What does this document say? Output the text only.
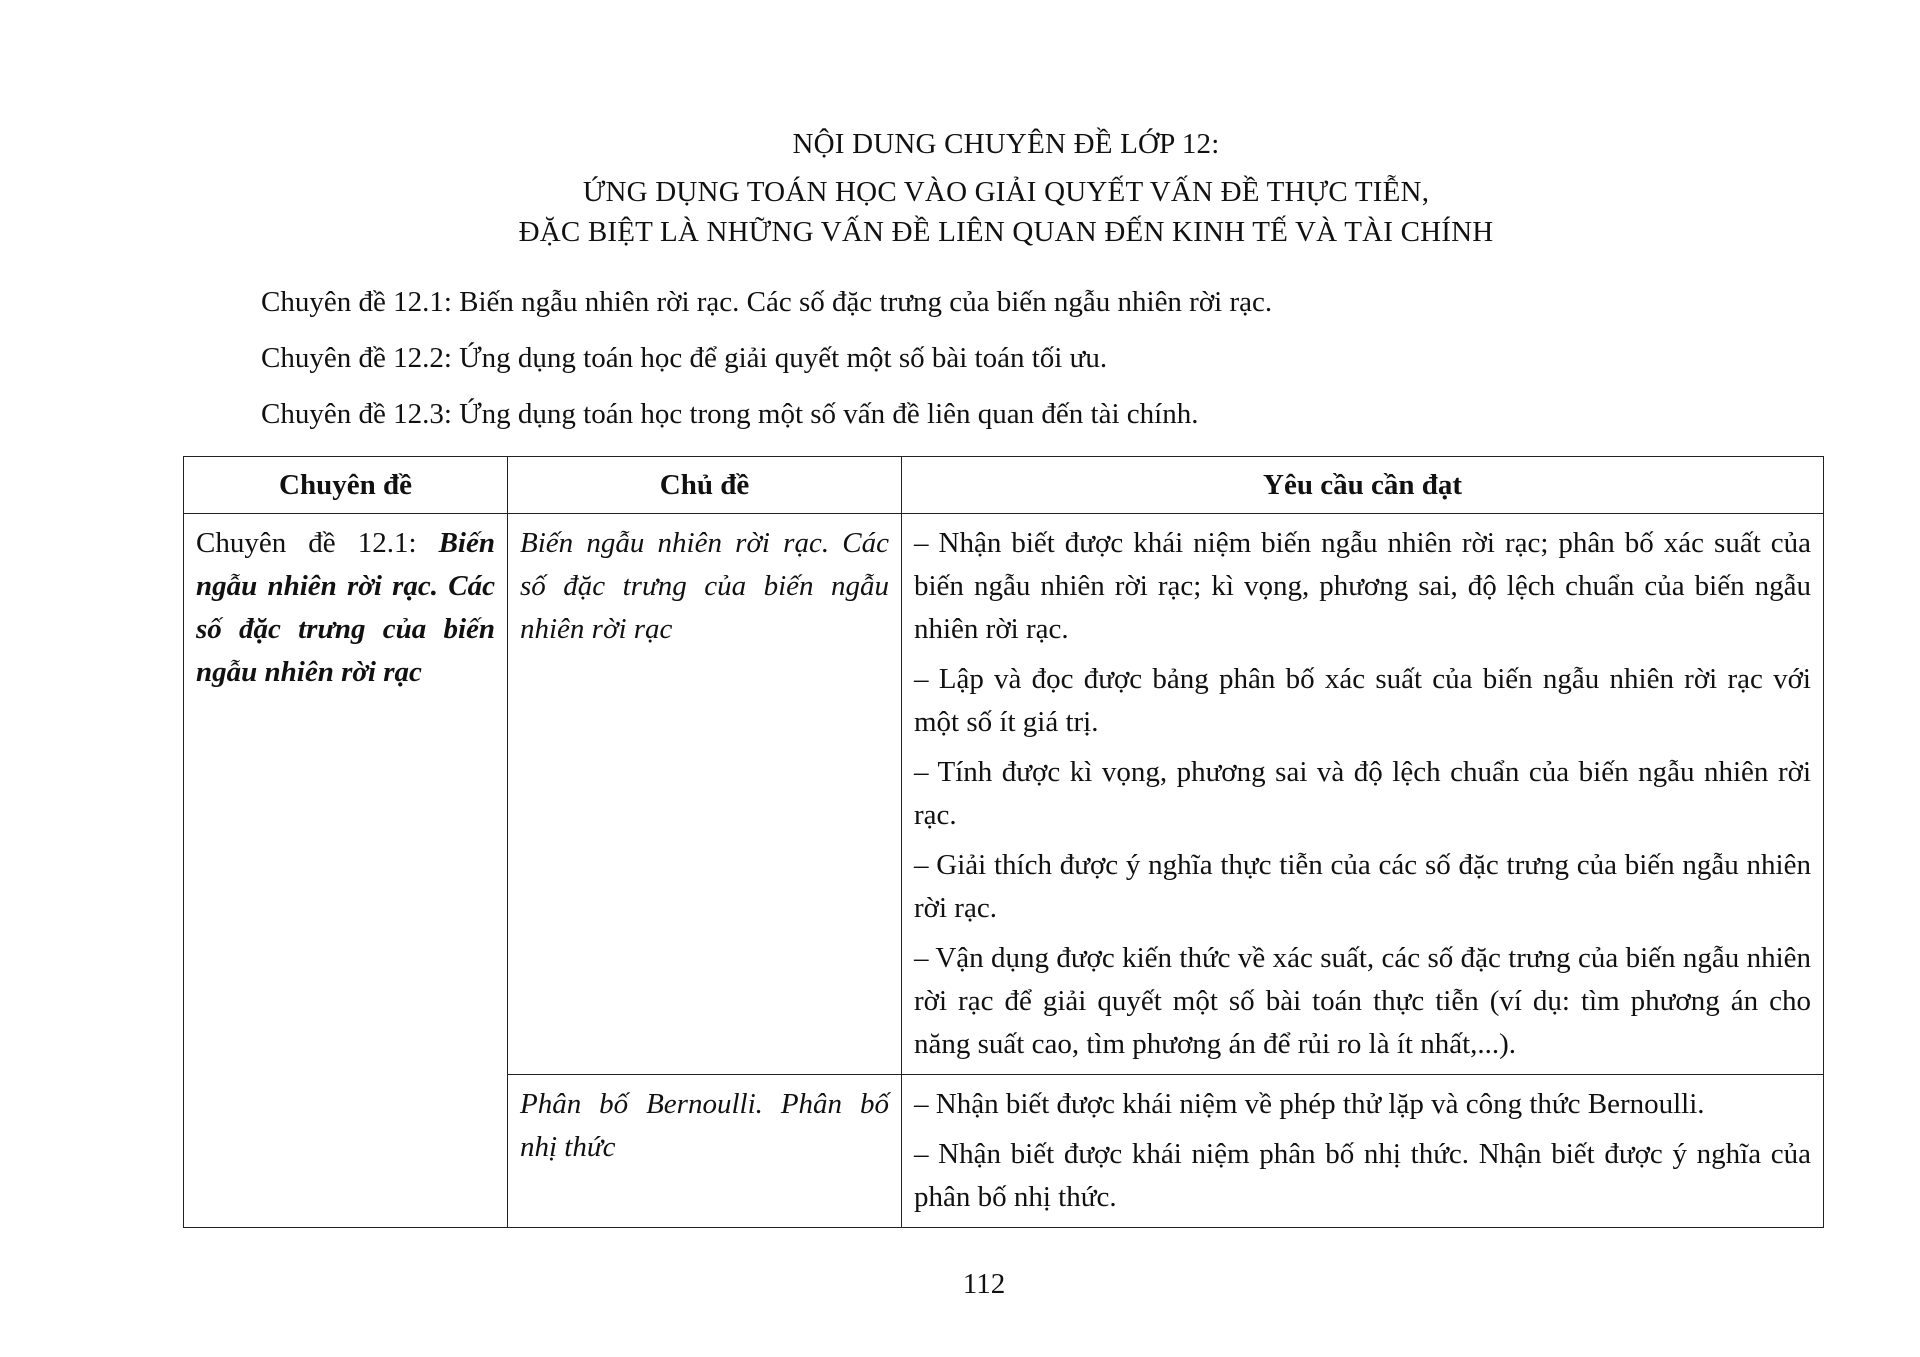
NỘI DUNG CHUYÊN ĐỀ LỚP 12:
ỨNG DỤNG TOÁN HỌC VÀO GIẢI QUYẾT VẤN ĐỀ THỰC TIỄN,
ĐẶC BIỆT LÀ NHỮNG VẤN ĐỀ LIÊN QUAN ĐẾN KINH TẾ VÀ TÀI CHÍNH
Chuyên đề 12.1: Biến ngẫu nhiên rời rạc. Các số đặc trưng của biến ngẫu nhiên rời rạc.
Chuyên đề 12.2: Ứng dụng toán học để giải quyết một số bài toán tối ưu.
Chuyên đề 12.3: Ứng dụng toán học trong một số vấn đề liên quan đến tài chính.
Chuyên đề	Chủ đề	Yêu cầu cần đạt

Chuyên đề 12.1: Biến ngẫu nhiên rời rạc. Các số đặc trưng của biến ngẫu nhiên rời rạc	Biến ngẫu nhiên rời rạc. Các số đặc trưng của biến ngẫu nhiên rời rạc	– Nhận biết được khái niệm biến ngẫu nhiên rời rạc; phân bố xác suất của biến ngẫu nhiên rời rạc; kì vọng, phương sai, độ lệch chuẩn của biến ngẫu nhiên rời rạc.
– Lập và đọc được bảng phân bố xác suất của biến ngẫu nhiên rời rạc với một số ít giá trị.
– Tính được kì vọng, phương sai và độ lệch chuẩn của biến ngẫu nhiên rời rạc.
– Giải thích được ý nghĩa thực tiễn của các số đặc trưng của biến ngẫu nhiên rời rạc.
– Vận dụng được kiến thức về xác suất, các số đặc trưng của biến ngẫu nhiên rời rạc để giải quyết một số bài toán thực tiễn (ví dụ: tìm phương án cho năng suất cao, tìm phương án để rủi ro là ít nhất,...).

	Phân bố Bernoulli. Phân bố nhị thức	– Nhận biết được khái niệm về phép thử lặp và công thức Bernoulli.
– Nhận biết được khái niệm phân bố nhị thức. Nhận biết được ý nghĩa của phân bố nhị thức.
112
